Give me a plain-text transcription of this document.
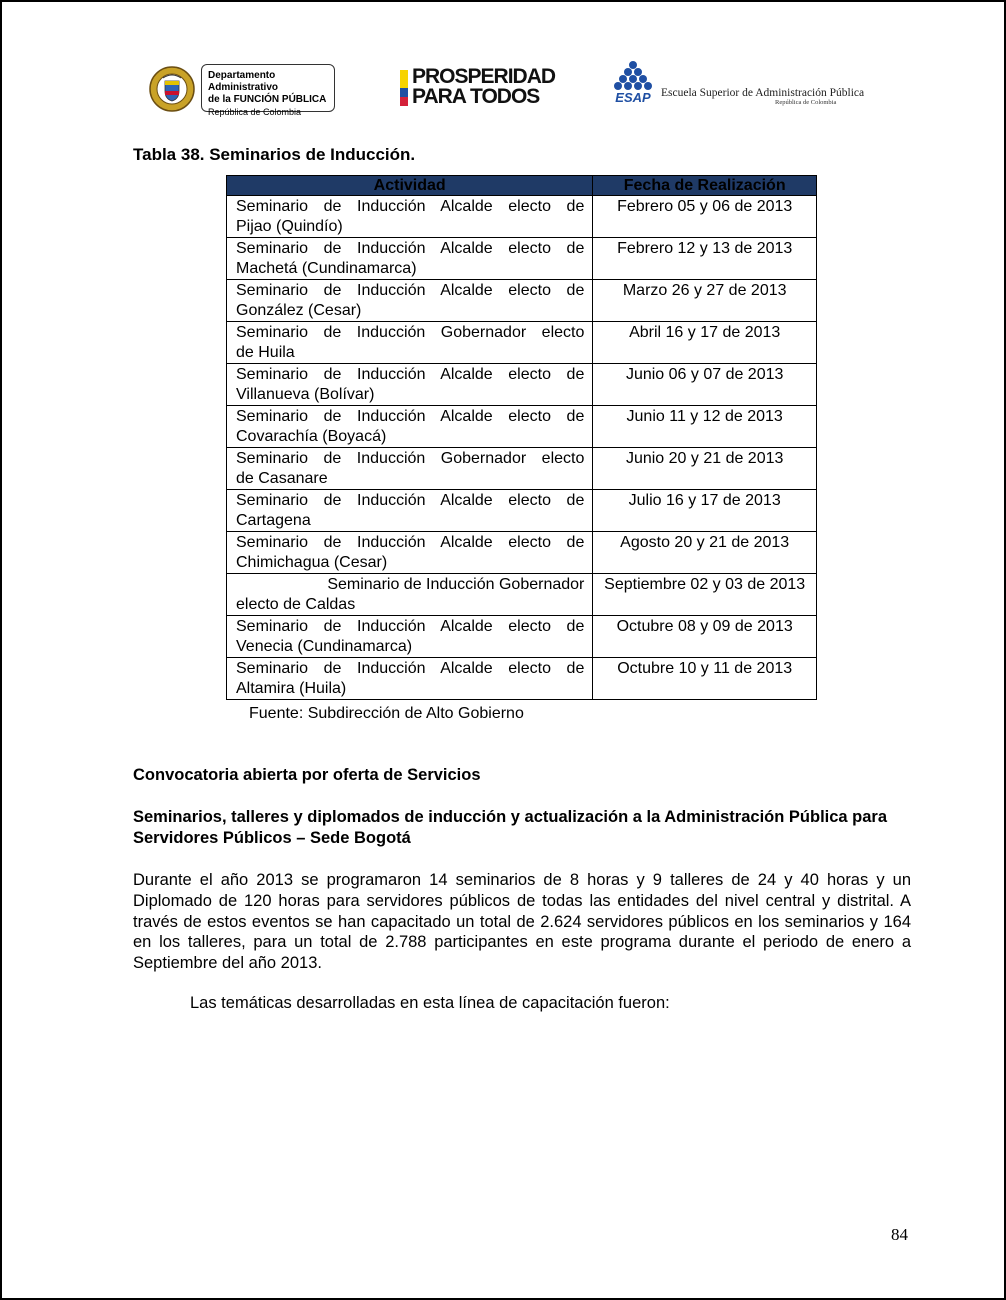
Departamento Administrativo
de la FUNCIÓN PÚBLICA
República de Colombia
PROSPERIDAD
PARA TODOS	ESAP Escuela Superior de Administración Pública
República de Colombia
Tabla 38. Seminarios de Inducción.
Actividad	Fecha de Realización

Seminario de Inducción Alcalde electo de
Pijao (Quindío)	Febrero 05 y 06 de 2013

Seminario de Inducción Alcalde electo de
Machetá (Cundinamarca)	Febrero 12 y 13 de 2013

Seminario de Inducción Alcalde electo de
González (Cesar)	Marzo 26 y 27 de 2013

Seminario de Inducción Gobernador electo
de Huila	Abril 16 y 17 de 2013

Seminario de Inducción Alcalde electo de
Villanueva (Bolívar)	Junio 06 y 07 de 2013

Seminario de Inducción Alcalde electo de
Covarachía (Boyacá)	Junio 11 y 12 de 2013

Seminario de Inducción Gobernador electo
de Casanare	Junio 20 y 21 de 2013

Seminario de Inducción Alcalde electo de
Cartagena	Julio 16 y 17 de 2013

Seminario de Inducción Alcalde electo de
Chimichagua (Cesar)	Agosto 20 y 21 de 2013

Seminario de Inducción Gobernador
electo de Caldas	Septiembre 02 y 03 de 2013

Seminario de Inducción Alcalde electo de
Venecia (Cundinamarca)	Octubre 08 y 09 de 2013

Seminario de Inducción Alcalde electo de
Altamira (Huila)	Octubre 10 y 11 de 2013
Fuente: Subdirección de Alto Gobierno
Convocatoria abierta por oferta de Servicios
Seminarios, talleres y diplomados de inducción y actualización a la Administración Pública para Servidores Públicos – Sede Bogotá
Durante el año 2013 se programaron 14 seminarios de 8 horas y 9 talleres de 24 y 40 horas y un Diplomado de 120 horas para servidores públicos de todas las entidades del nivel central y distrital. A través de estos eventos se han capacitado un total de 2.624 servidores públicos en los seminarios y 164 en los talleres, para un total de 2.788 participantes en este programa durante el periodo de enero a Septiembre del año 2013.
Las temáticas desarrolladas en esta línea de capacitación fueron:
84
